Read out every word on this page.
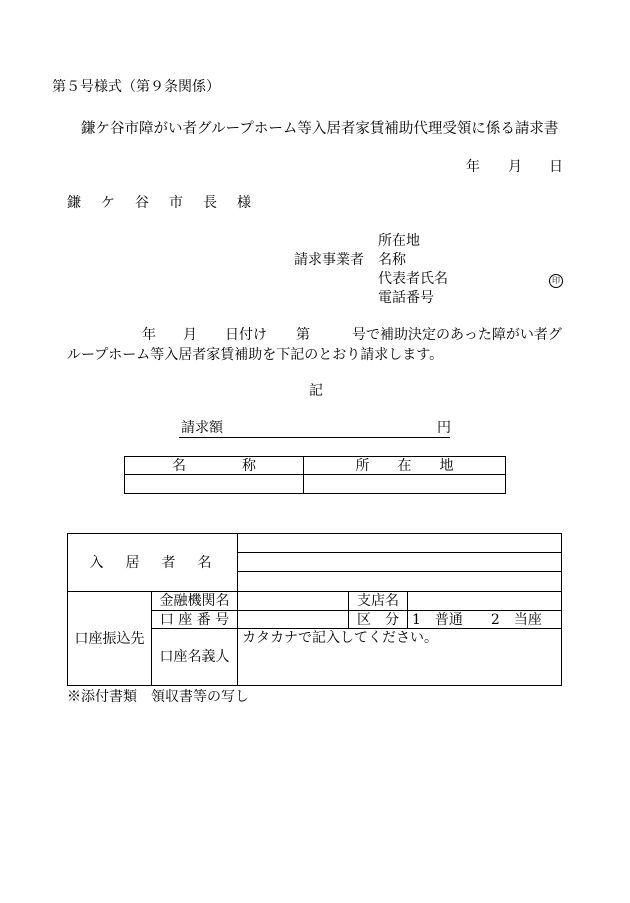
第５号様式（第９条関係）
鎌ケ谷市障がい者グループホーム等入居者家賃補助代理受領に係る請求書
年 月 日
鎌　ケ　谷　市　長　様
所在地
請求事業者 名称
代表者氏名	印
電話番号
年 月 日付け 第	号で補助決定のあった障がい者グ
ループホーム等入居者家賃補助を下記のとおり請求します。
記
請求額	円
名　　　　称	所　　在　　地

入　居　者　名				

口座振込先	金融機関名		支店名	
	口 座 番 号		区　分	1　普通　　2　当座
	口座名義人	カタカナで記入してください。		

※添付書類　領収書等の写し
